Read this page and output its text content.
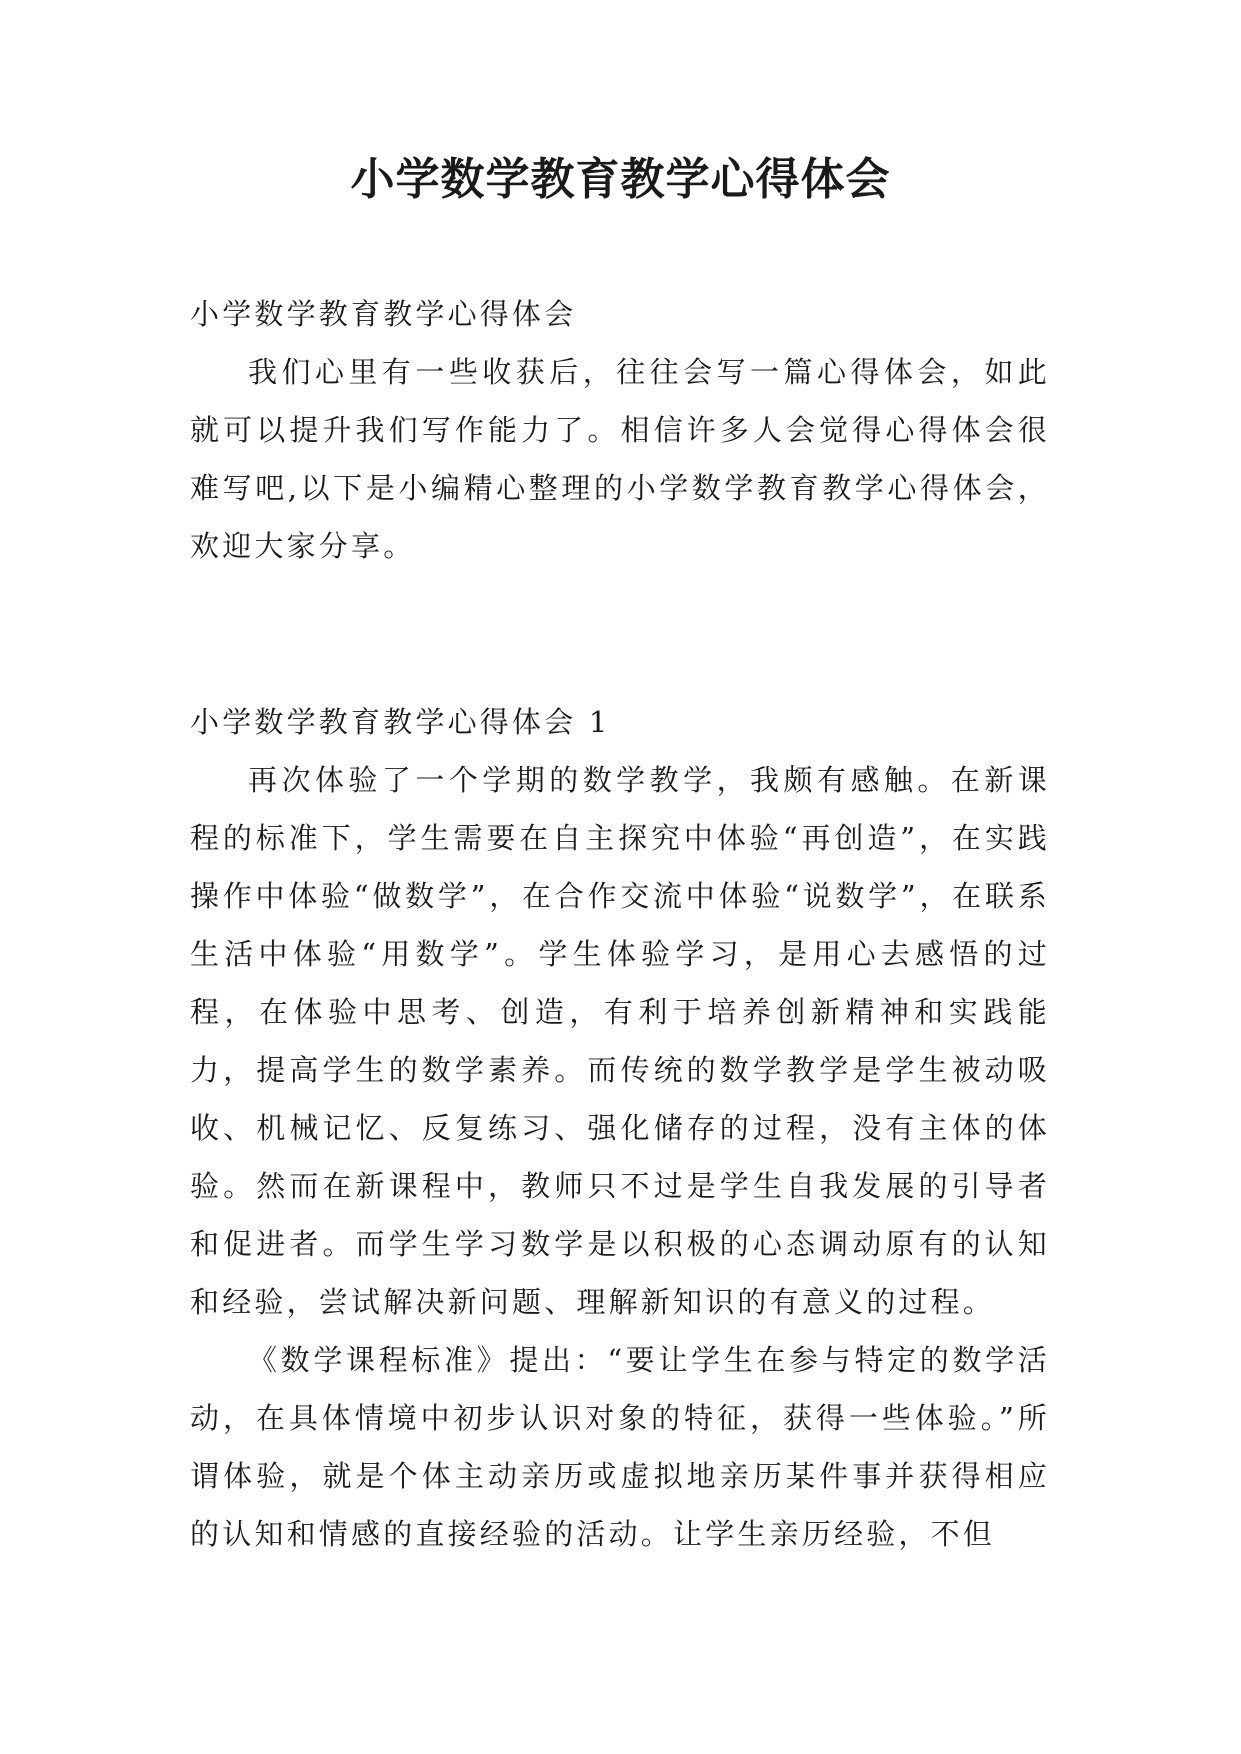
小学数学教育教学心得体会
小学数学教育教学心得体会
我们心里有一些收获后，往往会写一篇心得体会，如此就可以提升我们写作能力了。相信许多人会觉得心得体会很难写吧,以下是小编精心整理的小学数学教育教学心得体会，欢迎大家分享。
小学数学教育教学心得体会 1
再次体验了一个学期的数学教学，我颇有感触。在新课程的标准下，学生需要在自主探究中体验“再创造”，在实践操作中体验“做数学”，在合作交流中体验“说数学”，在联系生活中体验“用数学”。学生体验学习，是用心去感悟的过程，在体验中思考、创造，有利于培养创新精神和实践能力，提高学生的数学素养。而传统的数学教学是学生被动吸收、机械记忆、反复练习、强化储存的过程，没有主体的体验。然而在新课程中，教师只不过是学生自我发展的引导者和促进者。而学生学习数学是以积极的心态调动原有的认知和经验，尝试解决新问题、理解新知识的有意义的过程。
《数学课程标准》提出：“要让学生在参与特定的数学活动，在具体情境中初步认识对象的特征，获得一些体验。”所谓体验，就是个体主动亲历或虚拟地亲历某件事并获得相应的认知和情感的直接经验的活动。让学生亲历经验，不但
